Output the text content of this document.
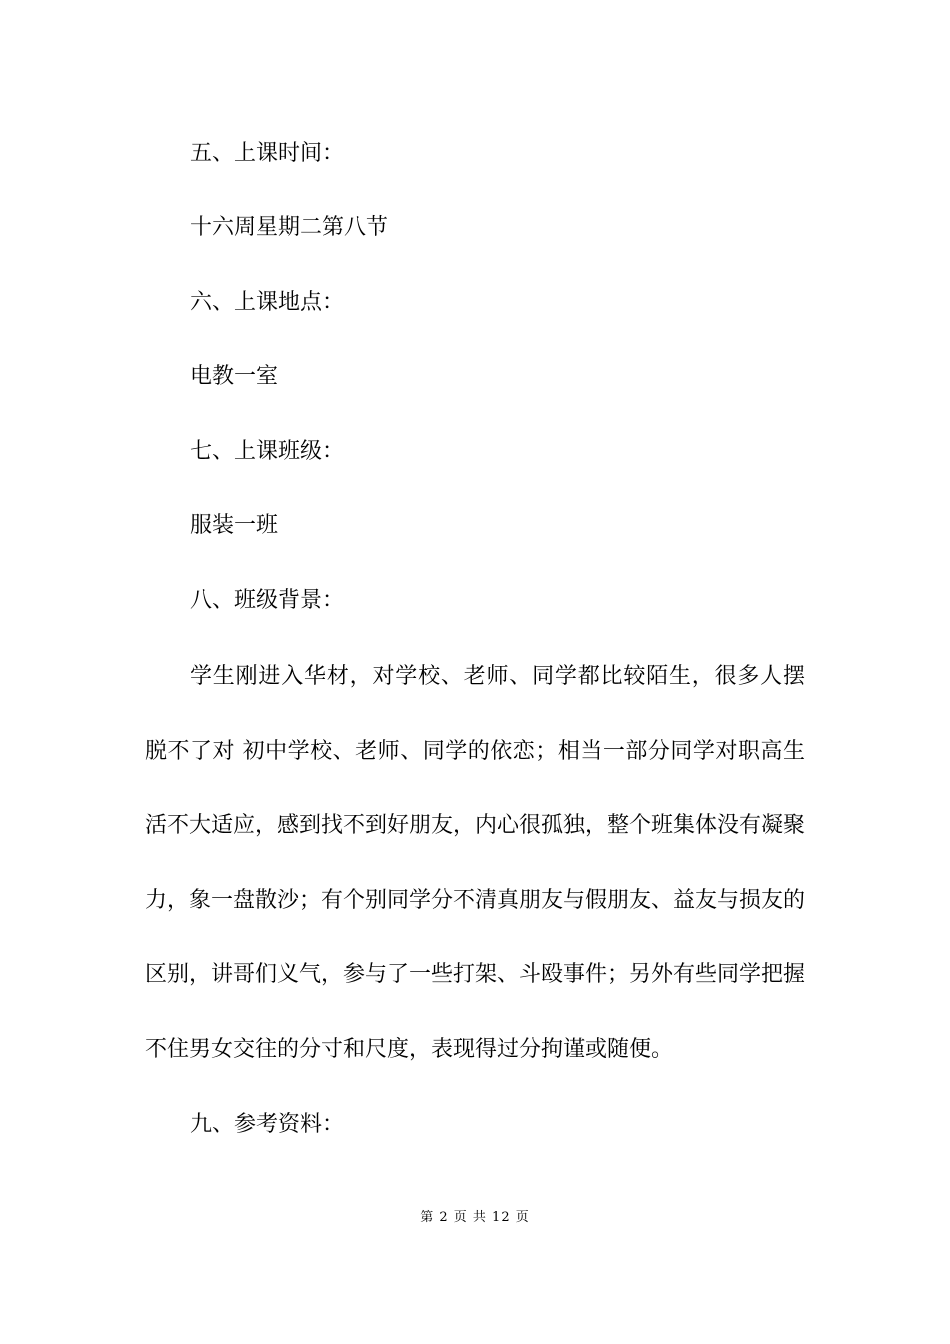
五、上课时间：
十六周星期二第八节
六、上课地点：
电教一室
七、上课班级：
服装一班
八、班级背景：
学生刚进入华材，对学校、老师、同学都比较陌生，很多人摆脱不了对 初中学校、老师、同学的依恋；相当一部分同学对职高生活不大适应，感到找不到好朋友，内心很孤独，整个班集体没有凝聚力，象一盘散沙；有个别同学分不清真朋友与假朋友、益友与损友的区别，讲哥们义气，参与了一些打架、斗殴事件；另外有些同学把握不住男女交往的分寸和尺度，表现得过分拘谨或随便。
九、参考资料：
第 2 页 共 12 页
